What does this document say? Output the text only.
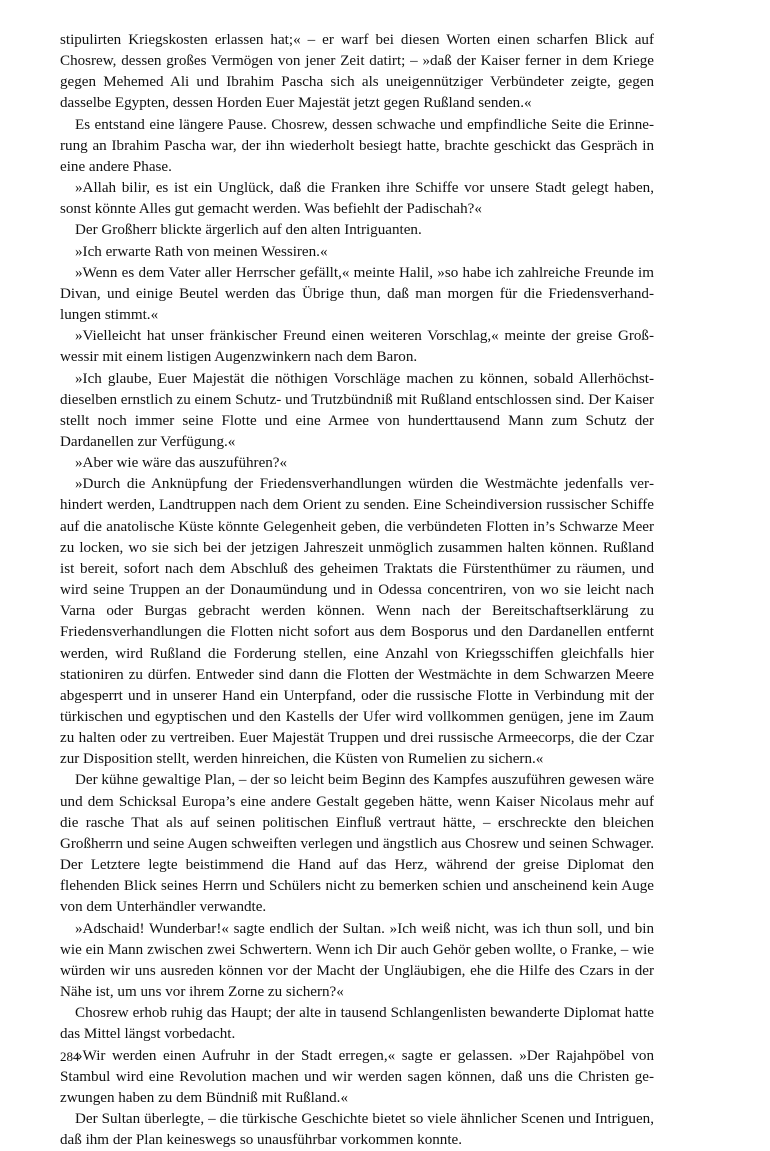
stipulirten Kriegskosten erlassen hat;« – er warf bei diesen Worten einen scharfen Blick auf Chosrew, dessen großes Vermögen von jener Zeit datirt; – »daß der Kaiser ferner in dem Kriege gegen Mehemed Ali und Ibrahim Pascha sich als uneigennütziger Verbündeter zeigte, gegen dasselbe Egypten, dessen Horden Euer Majestät jetzt gegen Rußland senden.«

Es entstand eine längere Pause. Chosrew, dessen schwache und empfindliche Seite die Erinnerung an Ibrahim Pascha war, der ihn wiederholt besiegt hatte, brachte geschickt das Gespräch in eine andere Phase.

»Allah bilir, es ist ein Unglück, daß die Franken ihre Schiffe vor unsere Stadt gelegt haben, sonst könnte Alles gut gemacht werden. Was befiehlt der Padischah?«

Der Großherr blickte ärgerlich auf den alten Intriguanten.

»Ich erwarte Rath von meinen Wessiren.«

»Wenn es dem Vater aller Herrscher gefällt,« meinte Halil, »so habe ich zahlreiche Freunde im Divan, und einige Beutel werden das Übrige thun, daß man morgen für die Friedensverhandlungen stimmt.«

»Vielleicht hat unser fränkischer Freund einen weiteren Vorschlag,« meinte der greise Großwessir mit einem listigen Augenzwinkern nach dem Baron.

»Ich glaube, Euer Majestät die nöthigen Vorschläge machen zu können, sobald Allerhöchstdieselben ernstlich zu einem Schutz- und Trutzbündniß mit Rußland entschlossen sind. Der Kaiser stellt noch immer seine Flotte und eine Armee von hunderttausend Mann zum Schutz der Dardanellen zur Verfügung.«

»Aber wie wäre das auszuführen?«

»Durch die Anknüpfung der Friedensverhandlungen würden die Westmächte jedenfalls verhindert werden, Landtruppen nach dem Orient zu senden. Eine Scheindiversion russischer Schiffe auf die anatolische Küste könnte Gelegenheit geben, die verbündeten Flotten in’s Schwarze Meer zu locken, wo sie sich bei der jetzigen Jahreszeit unmöglich zusammen halten können. Rußland ist bereit, sofort nach dem Abschluß des geheimen Traktats die Fürstenthümer zu räumen, und wird seine Truppen an der Donaumündung und in Odessa concentriren, von wo sie leicht nach Varna oder Burgas gebracht werden können. Wenn nach der Bereitschaftserklärung zu Friedensverhandlungen die Flotten nicht sofort aus dem Bosporus und den Dardanellen entfernt werden, wird Rußland die Forderung stellen, eine Anzahl von Kriegsschiffen gleichfalls hier stationiren zu dürfen. Entweder sind dann die Flotten der Westmächte in dem Schwarzen Meere abgesperrt und in unserer Hand ein Unterpfand, oder die russische Flotte in Verbindung mit der türkischen und egyptischen und den Kastells der Ufer wird vollkommen genügen, jene im Zaum zu halten oder zu vertreiben. Euer Majestät Truppen und drei russische Armeecorps, die der Czar zur Disposition stellt, werden hinreichen, die Küsten von Rumelien zu sichern.«

Der kühne gewaltige Plan, – der so leicht beim Beginn des Kampfes auszuführen gewesen wäre und dem Schicksal Europa’s eine andere Gestalt gegeben hätte, wenn Kaiser Nicolaus mehr auf die rasche That als auf seinen politischen Einfluß vertraut hätte, – erschreckte den bleichen Großherrn und seine Augen schweiften verlegen und ängstlich aus Chosrew und seinen Schwager. Der Letztere legte beistimmend die Hand auf das Herz, während der greise Diplomat den flehenden Blick seines Herrn und Schülers nicht zu bemerken schien und anscheinend kein Auge von dem Unterhändler verwandte.

»Adschaid! Wunderbar!« sagte endlich der Sultan. »Ich weiß nicht, was ich thun soll, und bin wie ein Mann zwischen zwei Schwertern. Wenn ich Dir auch Gehör geben wollte, o Franke, – wie würden wir uns ausreden können vor der Macht der Ungläubigen, ehe die Hilfe des Czars in der Nähe ist, um uns vor ihrem Zorne zu sichern?«

Chosrew erhob ruhig das Haupt; der alte in tausend Schlangenlisten bewanderte Diplomat hatte das Mittel längst vorbedacht.

»Wir werden einen Aufruhr in der Stadt erregen,« sagte er gelassen. »Der Rajahpöbel von Stambul wird eine Revolution machen und wir werden sagen können, daß uns die Christen gezwungen haben zu dem Bündniß mit Rußland.«

Der Sultan überlegte, – die türkische Geschichte bietet so viele ähnlicher Scenen und Intriguen, daß ihm der Plan keineswegs so unausführbar vorkommen konnte.

284
